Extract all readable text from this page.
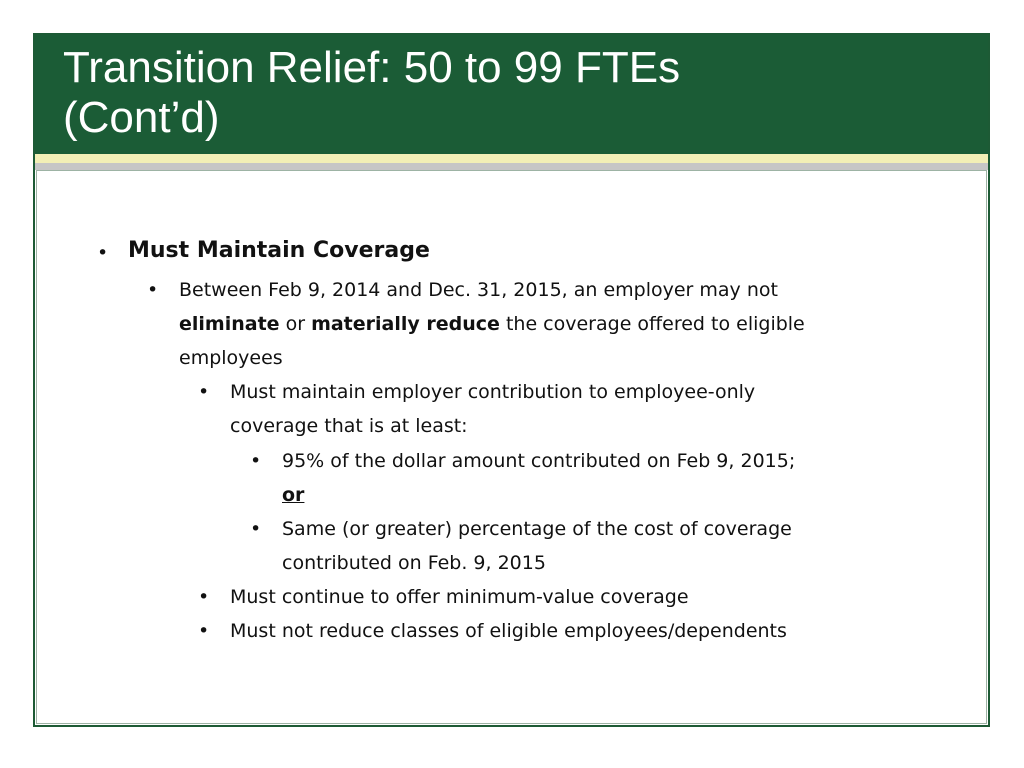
Transition Relief: 50 to 99 FTEs
(Cont’d)
• Must Maintain Coverage
• Between Feb 9, 2014 and Dec. 31, 2015, an employer may not
eliminate or materially reduce the coverage offered to eligible
employees
• Must maintain employer contribution to employee-only
coverage that is at least:
• 95% of the dollar amount contributed on Feb 9, 2015;
or
• Same (or greater) percentage of the cost of coverage
contributed on Feb. 9, 2015
• Must continue to offer minimum-value coverage
• Must not reduce classes of eligible employees/dependents
